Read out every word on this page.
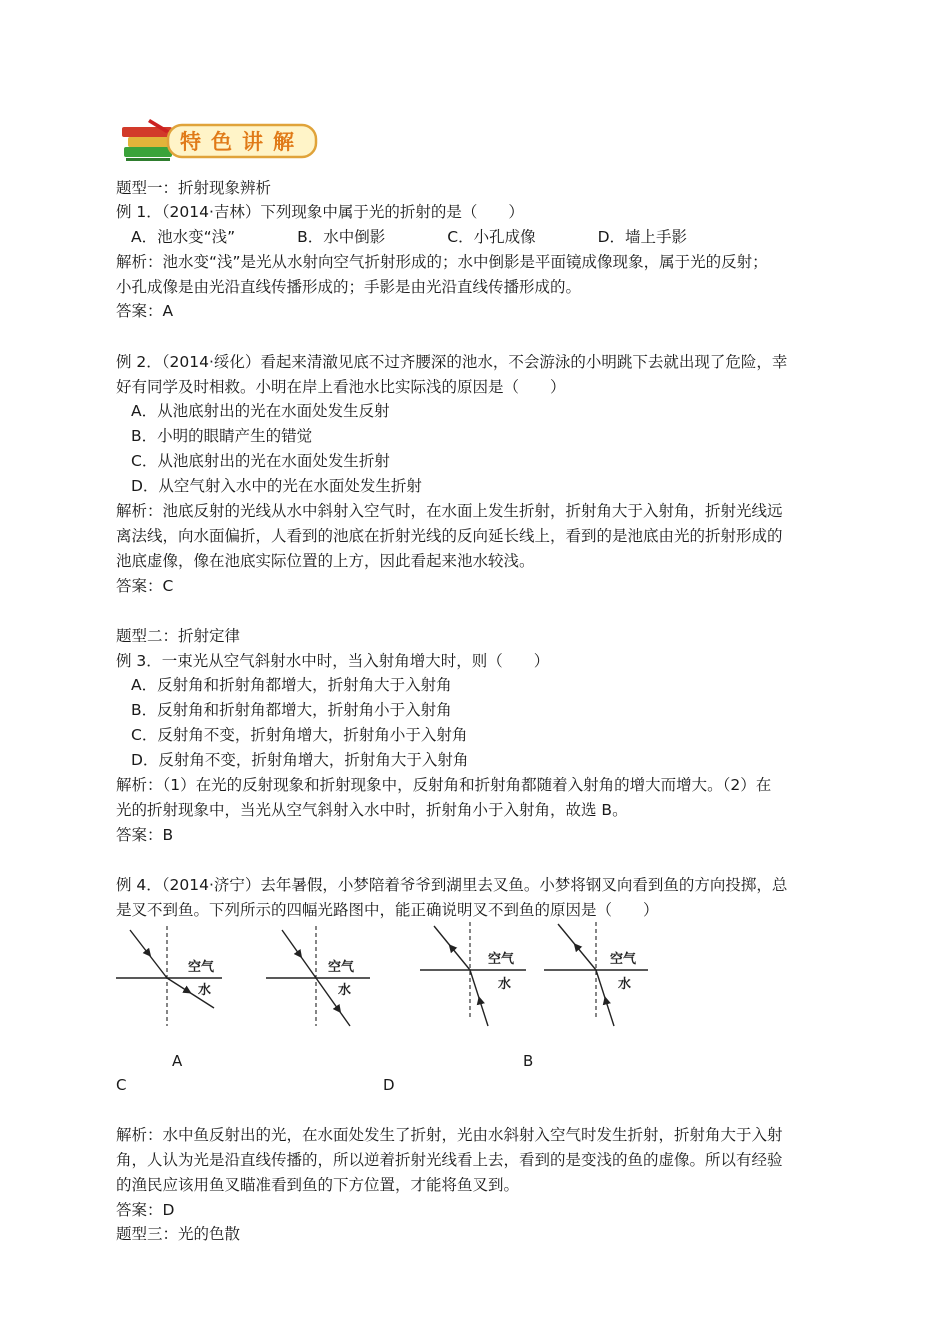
特色讲解
题型一：折射现象辨析
例 1．（2014·吉林）下列现象中属于光的折射的是（　　）
A．池水变“浅”　　　　B．水中倒影　　　　C．小孔成像　　　　D．墙上手影
解析：池水变“浅”是光从水射向空气折射形成的；水中倒影是平面镜成像现象，属于光的反射；
小孔成像是由光沿直线传播形成的；手影是由光沿直线传播形成的。
答案：A
例 2．（2014·绥化）看起来清澈见底不过齐腰深的池水，不会游泳的小明跳下去就出现了危险，幸
好有同学及时相救。小明在岸上看池水比实际浅的原因是（　　）
A．从池底射出的光在水面处发生反射
B．小明的眼睛产生的错觉
C．从池底射出的光在水面处发生折射
D．从空气射入水中的光在水面处发生折射
解析：池底反射的光线从水中斜射入空气时，在水面上发生折射，折射角大于入射角，折射光线远
离法线，向水面偏折，人看到的池底在折射光线的反向延长线上，看到的是池底由光的折射形成的
池底虚像，像在池底实际位置的上方，因此看起来池水较浅。
答案：C
题型二：折射定律
例 3．一束光从空气斜射水中时，当入射角增大时，则（　　）
A．反射角和折射角都增大，折射角大于入射角
B．反射角和折射角都增大，折射角小于入射角
C．反射角不变，折射角增大，折射角小于入射角
D．反射角不变，折射角增大，折射角大于入射角
解析：（1）在光的反射现象和折射现象中，反射角和折射角都随着入射角的增大而增大。（2）在
光的折射现象中，当光从空气斜射入水中时，折射角小于入射角，故选 B。
答案：B
例 4．（2014·济宁）去年暑假，小梦陪着爷爷到湖里去叉鱼。小梦将钢叉向看到鱼的方向投掷，总
是叉不到鱼。下列所示的四幅光路图中，能正确说明叉不到鱼的原因是（　　）
空气
水
空气
水
空气
水
空气
水
A	B
C	D
解析：水中鱼反射出的光，在水面处发生了折射，光由水斜射入空气时发生折射，折射角大于入射
角，人认为光是沿直线传播的，所以逆着折射光线看上去，看到的是变浅的鱼的虚像。所以有经验
的渔民应该用鱼叉瞄准看到鱼的下方位置，才能将鱼叉到。
答案：D
题型三：光的色散
